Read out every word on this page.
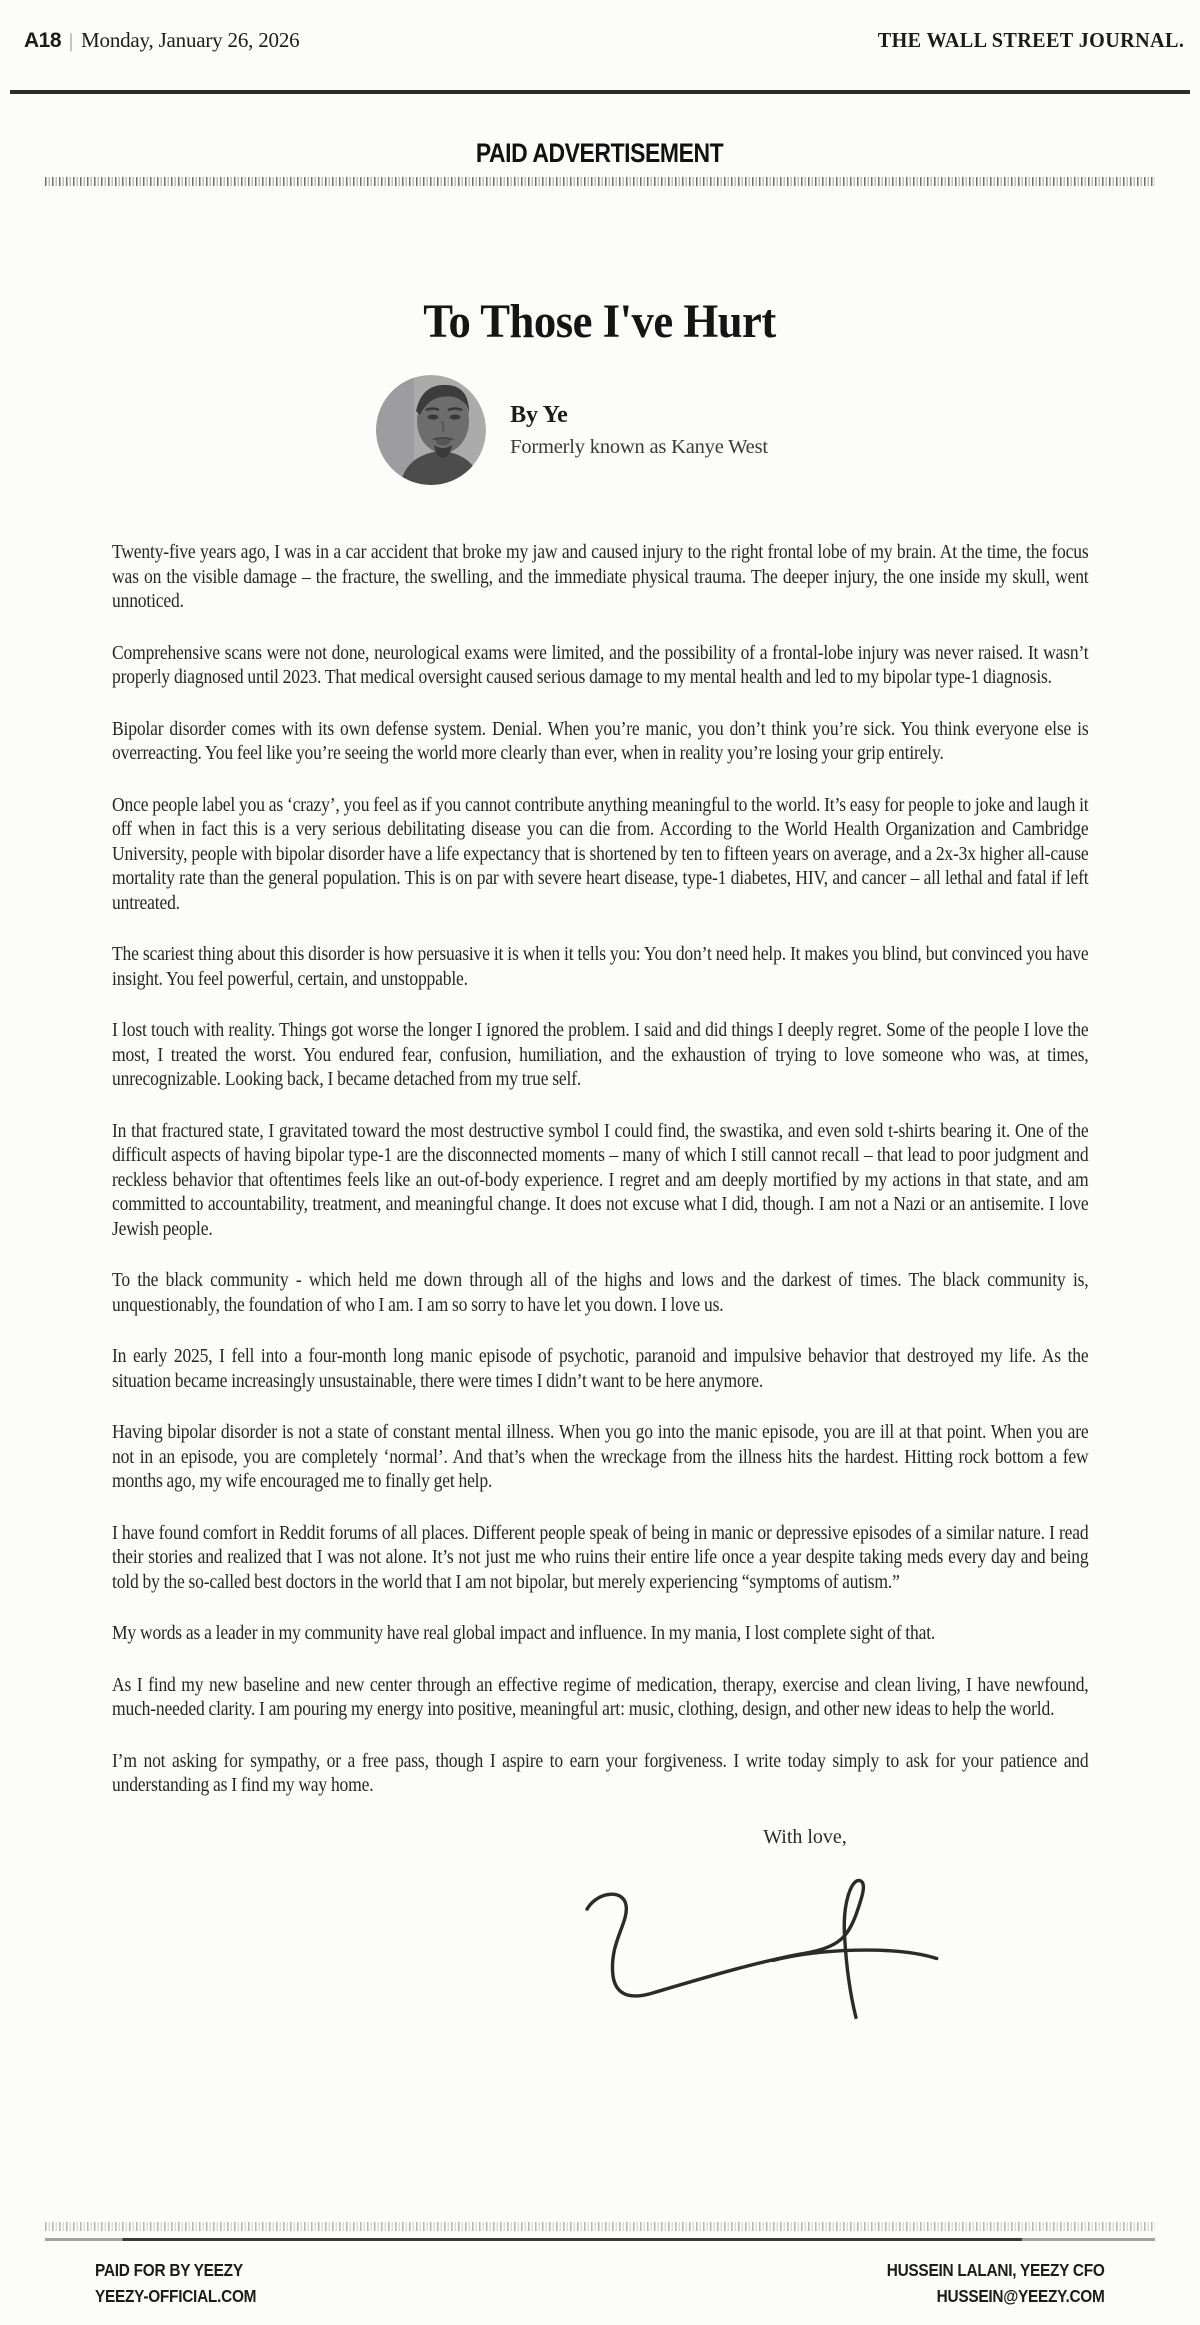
A18 | Monday, January 26, 2026	THE WALL STREET JOURNAL.
PAID ADVERTISEMENT
To Those I've Hurt
By Ye
Formerly known as Kanye West

Twenty-five years ago, I was in a car accident that broke my jaw and caused injury to the right frontal lobe of my brain. At the time, the focus was on the visible damage – the fracture, the swelling, and the immediate physical trauma. The deeper injury, the one inside my skull, went unnoticed.

Comprehensive scans were not done, neurological exams were limited, and the possibility of a frontal-lobe injury was never raised. It wasn’t properly diagnosed until 2023. That medical oversight caused serious damage to my mental health and led to my bipolar type-1 diagnosis.

Bipolar disorder comes with its own defense system. Denial. When you’re manic, you don’t think you’re sick. You think everyone else is overreacting. You feel like you’re seeing the world more clearly than ever, when in reality you’re losing your grip entirely.

Once people label you as ‘crazy’, you feel as if you cannot contribute anything meaningful to the world. It’s easy for people to joke and laugh it off when in fact this is a very serious debilitating disease you can die from. According to the World Health Organization and Cambridge University, people with bipolar disorder have a life expectancy that is shortened by ten to fifteen years on average, and a 2x-3x higher all-cause mortality rate than the general population. This is on par with severe heart disease, type-1 diabetes, HIV, and cancer – all lethal and fatal if left untreated.

The scariest thing about this disorder is how persuasive it is when it tells you: You don’t need help. It makes you blind, but convinced you have insight. You feel powerful, certain, and unstoppable.

I lost touch with reality. Things got worse the longer I ignored the problem. I said and did things I deeply regret. Some of the people I love the most, I treated the worst. You endured fear, confusion, humiliation, and the exhaustion of trying to love someone who was, at times, unrecognizable. Looking back, I became detached from my true self.

In that fractured state, I gravitated toward the most destructive symbol I could find, the swastika, and even sold t-shirts bearing it. One of the difficult aspects of having bipolar type-1 are the disconnected moments – many of which I still cannot recall – that lead to poor judgment and reckless behavior that oftentimes feels like an out-of-body experience. I regret and am deeply mortified by my actions in that state, and am committed to accountability, treatment, and meaningful change. It does not excuse what I did, though. I am not a Nazi or an antisemite. I love Jewish people.

To the black community - which held me down through all of the highs and lows and the darkest of times. The black community is, unquestionably, the foundation of who I am. I am so sorry to have let you down. I love us.

In early 2025, I fell into a four-month long manic episode of psychotic, paranoid and impulsive behavior that destroyed my life. As the situation became increasingly unsustainable, there were times I didn’t want to be here anymore.

Having bipolar disorder is not a state of constant mental illness. When you go into the manic episode, you are ill at that point. When you are not in an episode, you are completely ‘normal’. And that’s when the wreckage from the illness hits the hardest. Hitting rock bottom a few months ago, my wife encouraged me to finally get help.

I have found comfort in Reddit forums of all places. Different people speak of being in manic or depressive episodes of a similar nature. I read their stories and realized that I was not alone. It’s not just me who ruins their entire life once a year despite taking meds every day and being told by the so-called best doctors in the world that I am not bipolar, but merely experiencing “symptoms of autism.”

My words as a leader in my community have real global impact and influence. In my mania, I lost complete sight of that.

As I find my new baseline and new center through an effective regime of medication, therapy, exercise and clean living, I have newfound, much-needed clarity. I am pouring my energy into positive, meaningful art: music, clothing, design, and other new ideas to help the world.

I’m not asking for sympathy, or a free pass, though I aspire to earn your forgiveness. I write today simply to ask for your patience and understanding as I find my way home.

With love,
PAID FOR BY YEEZY
YEEZY-OFFICIAL.COM
HUSSEIN LALANI, YEEZY CFO
HUSSEIN@YEEZY.COM
